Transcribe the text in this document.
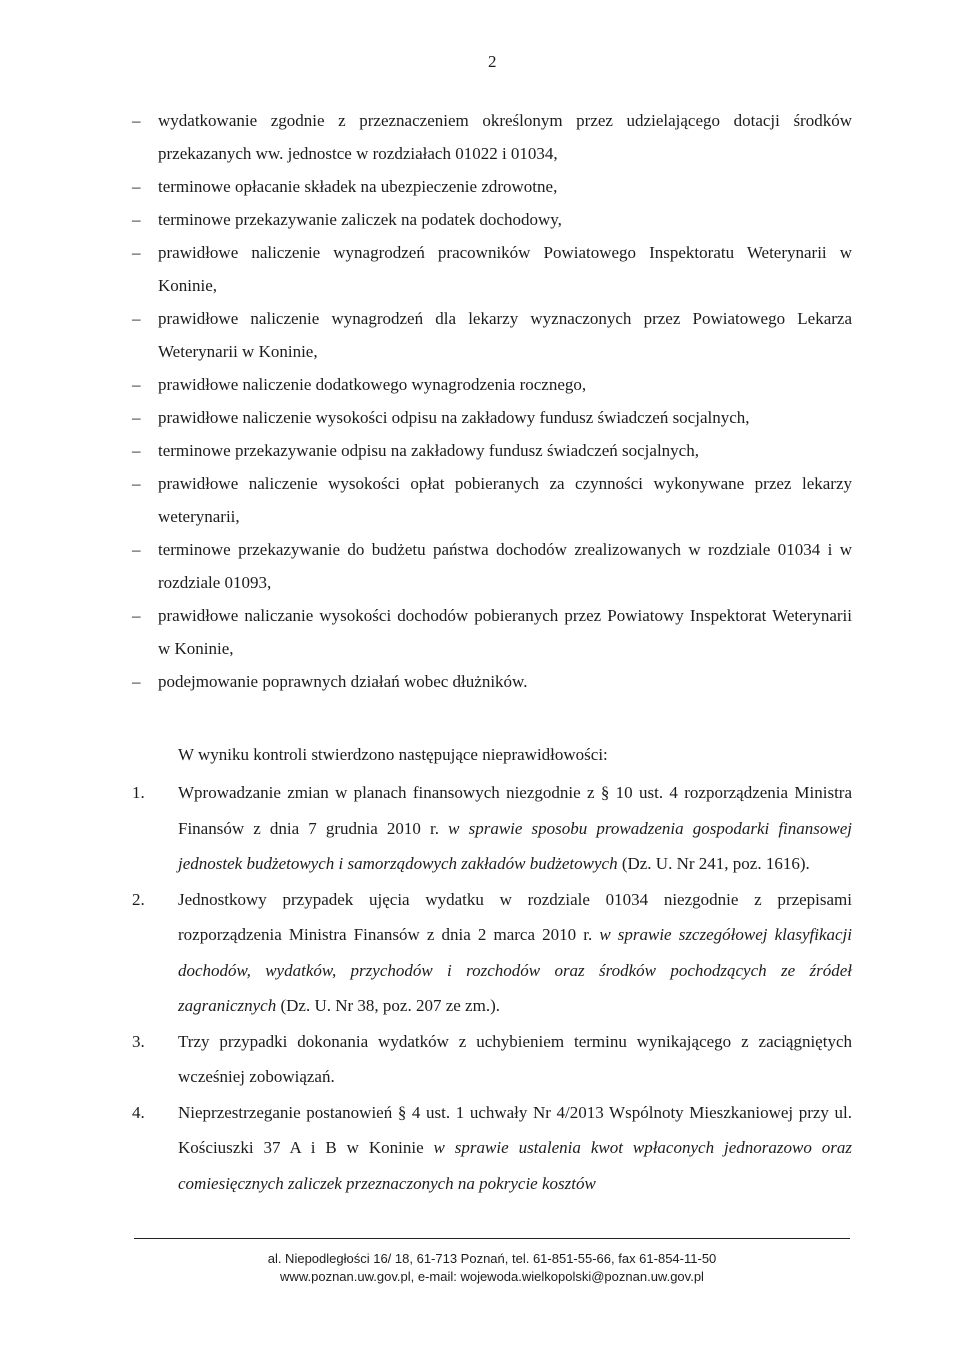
2
–	wydatkowanie zgodnie z przeznaczeniem określonym przez udzielającego dotacji środków przekazanych ww. jednostce w rozdziałach 01022 i 01034,
–	terminowe opłacanie składek na ubezpieczenie zdrowotne,
–	terminowe przekazywanie zaliczek na podatek dochodowy,
–	prawidłowe naliczenie wynagrodzeń pracowników Powiatowego Inspektoratu Weterynarii w Koninie,
–	prawidłowe naliczenie wynagrodzeń dla lekarzy wyznaczonych przez Powiatowego Lekarza Weterynarii w Koninie,
–	prawidłowe naliczenie dodatkowego wynagrodzenia rocznego,
–	prawidłowe naliczenie wysokości odpisu na zakładowy fundusz świadczeń socjalnych,
–	terminowe przekazywanie odpisu na zakładowy fundusz świadczeń socjalnych,
–	prawidłowe naliczenie wysokości opłat pobieranych za czynności wykonywane przez lekarzy weterynarii,
–	terminowe przekazywanie do budżetu państwa dochodów zrealizowanych w rozdziale 01034 i w rozdziale 01093,
–	prawidłowe naliczanie wysokości dochodów pobieranych przez Powiatowy Inspektorat Weterynarii w Koninie,
–	podejmowanie poprawnych działań wobec dłużników.
W wyniku kontroli stwierdzono następujące nieprawidłowości:
1. Wprowadzanie zmian w planach finansowych niezgodnie z § 10 ust. 4 rozporządzenia Ministra Finansów z dnia 7 grudnia 2010 r. w sprawie sposobu prowadzenia gospodarki finansowej jednostek budżetowych i samorządowych zakładów budżetowych (Dz. U. Nr 241, poz. 1616).
2. Jednostkowy przypadek ujęcia wydatku w rozdziale 01034 niezgodnie z przepisami rozporządzenia Ministra Finansów z dnia 2 marca 2010 r. w sprawie szczegółowej klasyfikacji dochodów, wydatków, przychodów i rozchodów oraz środków pochodzących ze źródeł zagranicznych (Dz. U. Nr 38, poz. 207 ze zm.).
3. Trzy przypadki dokonania wydatków z uchybieniem terminu wynikającego z zaciągniętych wcześniej zobowiązań.
4. Nieprzestrzeganie postanowień § 4 ust. 1 uchwały Nr 4/2013 Wspólnoty Mieszkaniowej przy ul. Kościuszki 37 A i B w Koninie w sprawie ustalenia kwot wpłaconych jednorazowo oraz comiesięcznych zaliczek przeznaczonych na pokrycie kosztów
al. Niepodległości 16/ 18, 61-713 Poznań, tel. 61-851-55-66, fax 61-854-11-50
www.poznan.uw.gov.pl, e-mail: wojewoda.wielkopolski@poznan.uw.gov.pl
